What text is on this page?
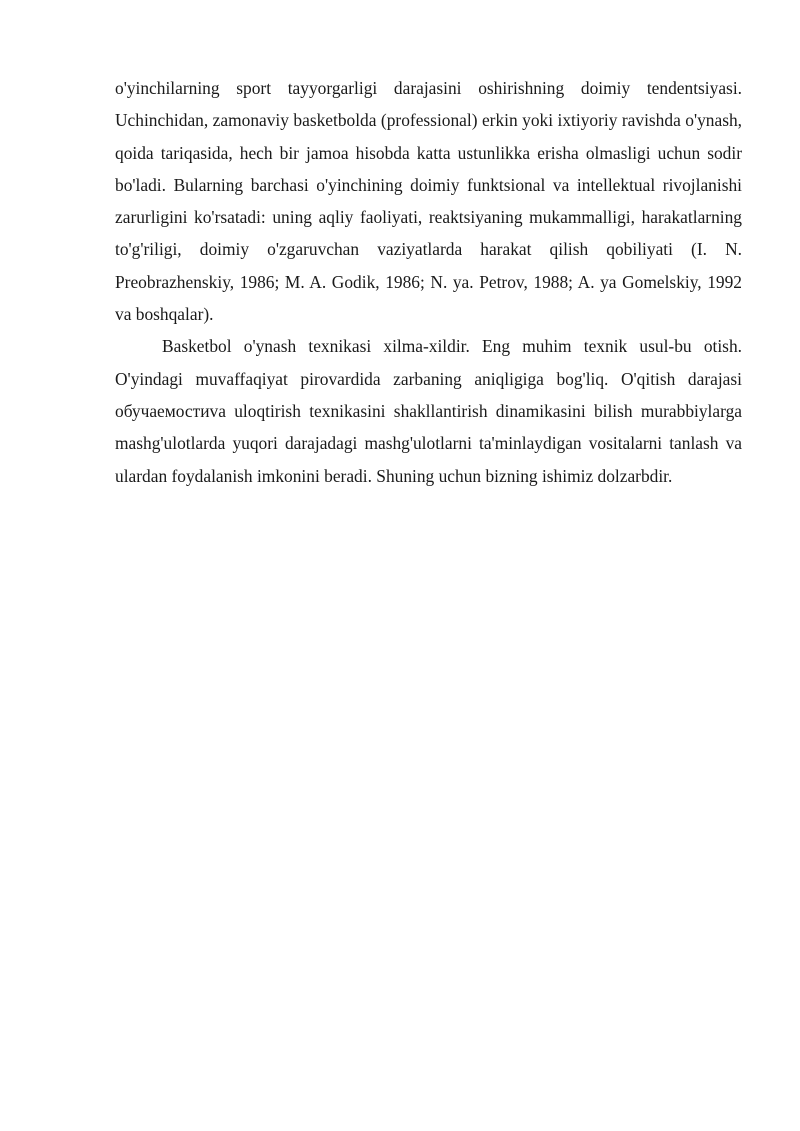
o'yinchilarning sport tayyorgarligi darajasini oshirishning doimiy tendentsiyasi. Uchinchidan, zamonaviy basketbolda (professional) erkin yoki ixtiyoriy ravishda o'ynash, qoida tariqasida, hech bir jamoa hisobda katta ustunlikka erisha olmasligi uchun sodir bo'ladi. Bularning barchasi o'yinchining doimiy funktsional va intellektual rivojlanishi zarurligini ko'rsatadi: uning aqliy faoliyati, reaktsiyaning mukammalligi, harakatlarning to'g'riligi, doimiy o'zgaruvchan vaziyatlarda harakat qilish qobiliyati (I. N. Preobrazhenskiy, 1986; M. A. Godik, 1986; N. ya. Petrov, 1988; A. ya Gomelskiy, 1992 va boshqalar).

Basketbol o'ynash texnikasi xilma-xildir. Eng muhim texnik usul-bu otish. O'yindagi muvaffaqiyat pirovardida zarbaning aniqligiga bog'liq. O'qitish darajasi обучаемостиva uloqtirish texnikasini shakllantirish dinamikasini bilish murabbiylarga mashg'ulotlarda yuqori darajadagi mashg'ulotlarni ta'minlaydigan vositalarni tanlash va ulardan foydalanish imkonini beradi. Shuning uchun bizning ishimiz dolzarbdir.
